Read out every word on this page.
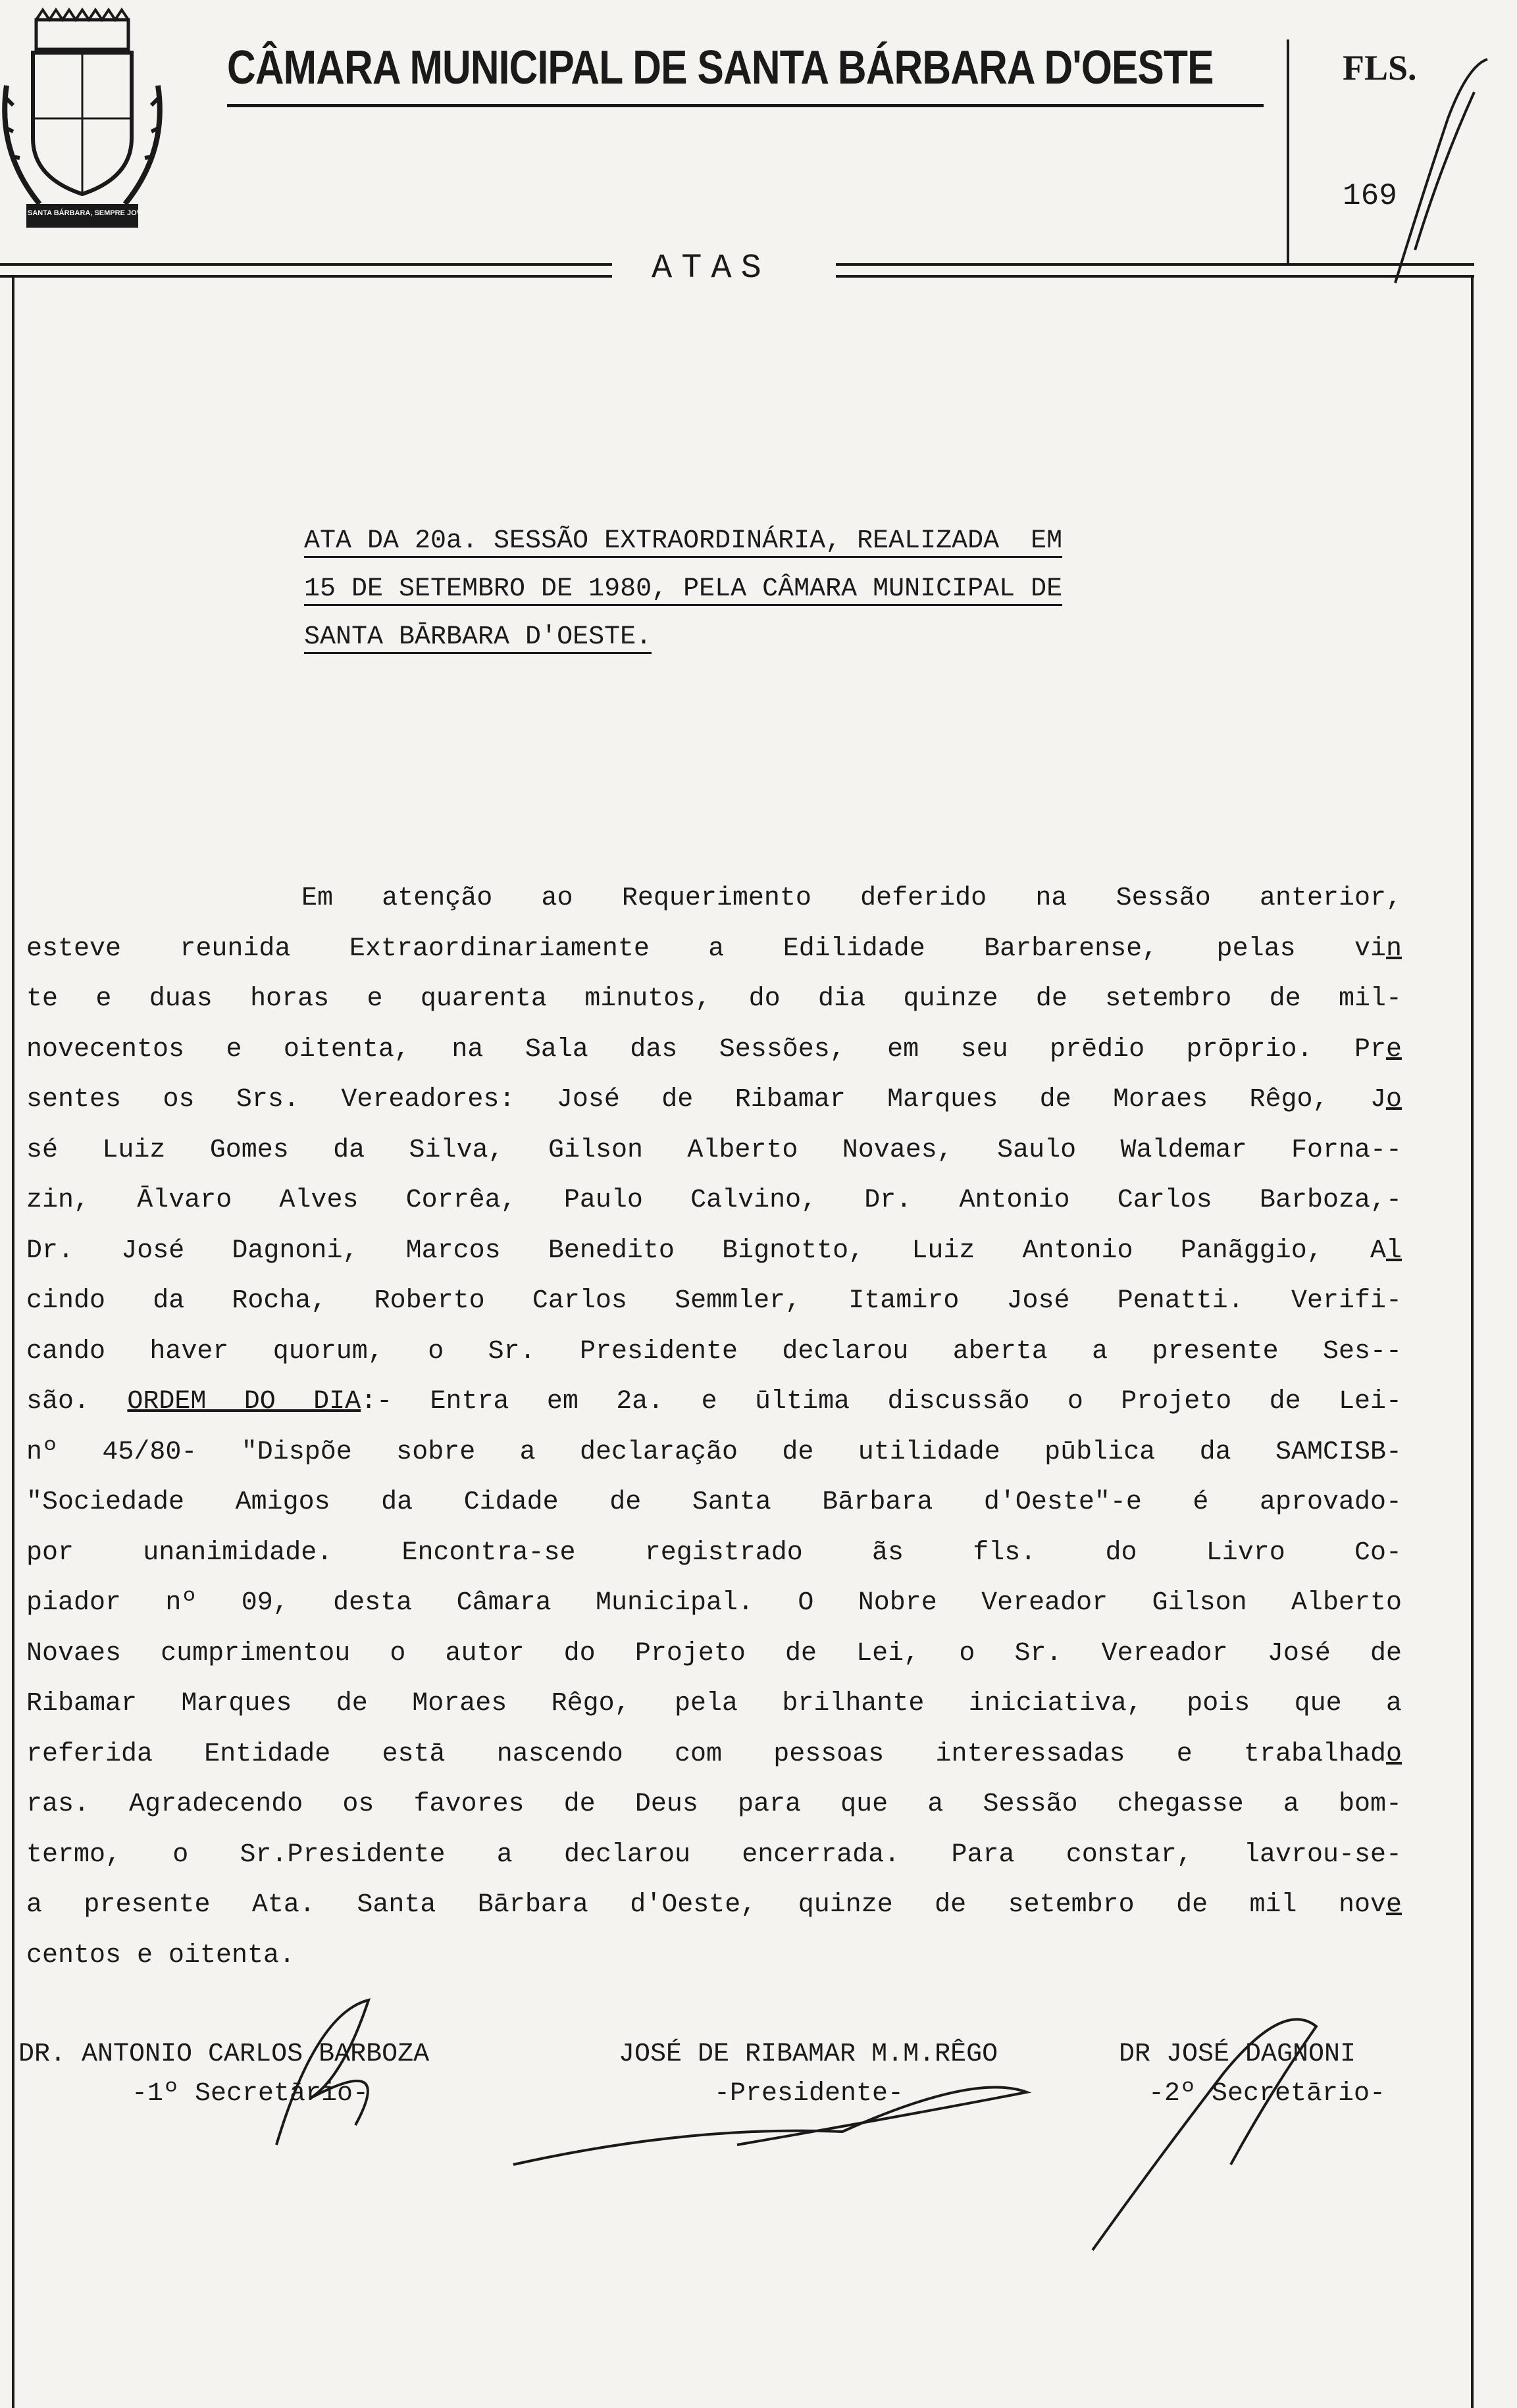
SANTA BÁRBARA, SEMPRE JOVEM
CÂMARA MUNICIPAL DE SANTA BÁRBARA D'OESTE	FLS.
169
ATAS
ATA DA 20a. SESSÃO EXTRAORDINÁRIA, REALIZADA  EM
15 DE SETEMBRO DE 1980, PELA CÂMARA MUNICIPAL DE
SANTA BĀRBARA D'OESTE.
Em atenção ao Requerimento deferido na Sessão anterior,
esteve reunida Extraordinariamente a Edilidade Barbarense, pelas vin
te e duas horas e quarenta minutos, do dia quinze de setembro de mil-
novecentos e oitenta, na Sala das Sessões, em seu prēdio prōprio. Pre
sentes os Srs. Vereadores: José de Ribamar Marques de Moraes Rêgo, Jo
sé Luiz Gomes da Silva, Gilson Alberto Novaes, Saulo Waldemar Forna--
zin, Ālvaro Alves Corrêa, Paulo Calvino, Dr. Antonio Carlos Barboza,-
Dr. José Dagnoni, Marcos Benedito Bignotto, Luiz Antonio Panãggio, Al
cindo da Rocha, Roberto Carlos Semmler, Itamiro José Penatti. Verifi-
cando haver quorum, o Sr. Presidente declarou aberta a presente Ses--
são. ORDEM DO DIA:- Entra em 2a. e ūltima discussão o Projeto de Lei-
nº 45/80- "Dispõe sobre a declaração de utilidade pūblica da SAMCISB-
"Sociedade Amigos da Cidade de Santa Bārbara d'Oeste"-e é aprovado-
por unanimidade. Encontra-se registrado ãs fls. do Livro Co-
piador nº 09, desta Câmara Municipal. O Nobre Vereador Gilson Alberto
Novaes cumprimentou o autor do Projeto de Lei, o Sr. Vereador José de
Ribamar Marques de Moraes Rêgo, pela brilhante iniciativa, pois que a
referida Entidade estā nascendo com pessoas interessadas e trabalhado
ras. Agradecendo os favores de Deus para que a Sessão chegasse a bom-
termo, o Sr.Presidente a declarou encerrada. Para constar, lavrou-se-
a presente Ata. Santa Bārbara d'Oeste, quinze de setembro de mil nove
centos e oitenta.
DR. ANTONIO CARLOS BARBOZA
-1º Secretārio-
JOSÉ DE RIBAMAR M.M.RÊGO
-Presidente-
DR JOSÉ DAGNONI
-2º Secretārio-
